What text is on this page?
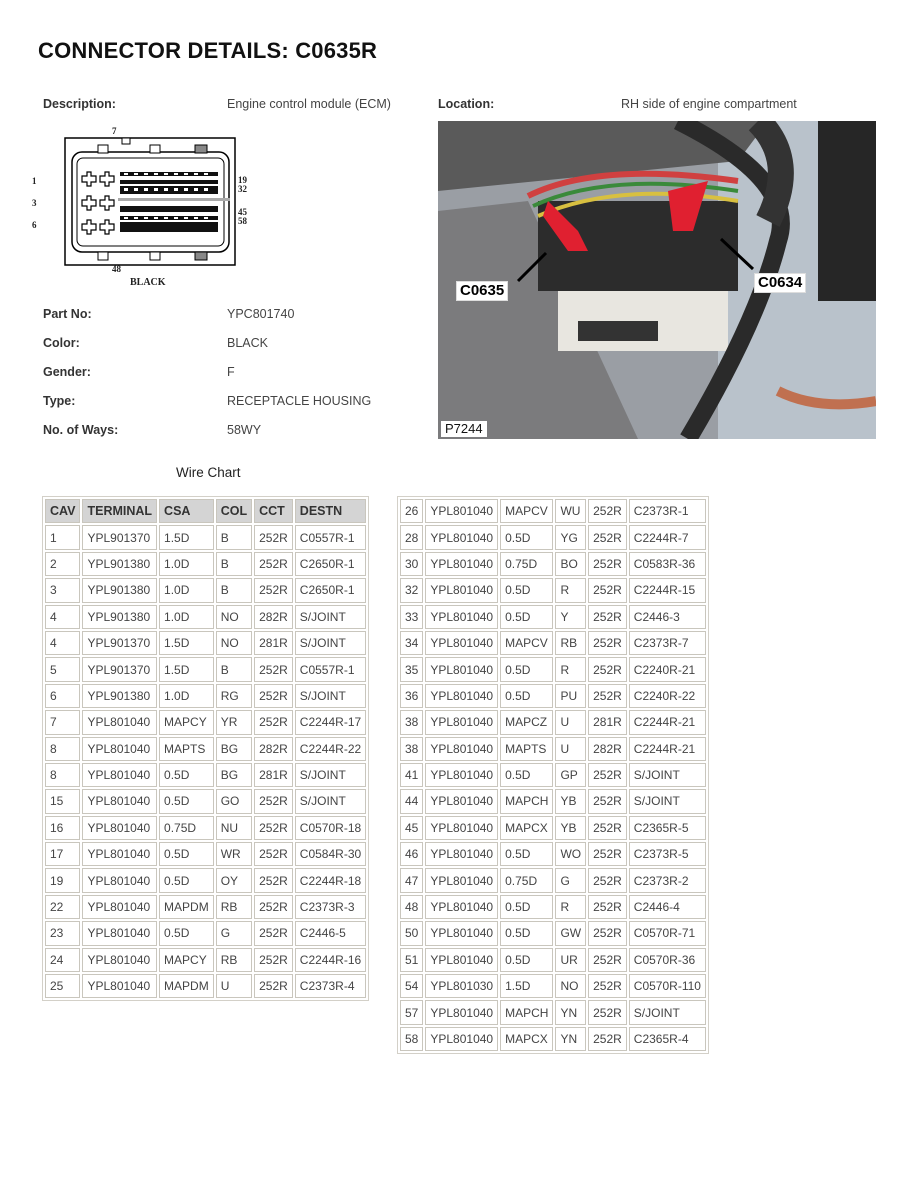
CONNECTOR DETAILS: C0635R
Description:	Engine control module (ECM)	Location:	RH side of engine compartment
1
3
6
19
32
45
58
7
48
BLACK	C0635	C0634
P7244
Part No:	YPC801740
Color:	BLACK
Gender:	F
Type:	RECEPTACLE HOUSING
No. of Ways:	58WY
Wire Chart
CAV	TERMINAL	CSA	COL	CCT	DESTN
1	YPL901370	1.5D	B	252R	C0557R-1
2	YPL901380	1.0D	B	252R	C2650R-1
3	YPL901380	1.0D	B	252R	C2650R-1
4	YPL901380	1.0D	NO	282R	S/JOINT
4	YPL901370	1.5D	NO	281R	S/JOINT
5	YPL901370	1.5D	B	252R	C0557R-1
6	YPL901380	1.0D	RG	252R	S/JOINT
7	YPL801040	MAPCY	YR	252R	C2244R-17
8	YPL801040	MAPTS	BG	282R	C2244R-22
8	YPL801040	0.5D	BG	281R	S/JOINT
15	YPL801040	0.5D	GO	252R	S/JOINT
16	YPL801040	0.75D	NU	252R	C0570R-18
17	YPL801040	0.5D	WR	252R	C0584R-30
19	YPL801040	0.5D	OY	252R	C2244R-18
22	YPL801040	MAPDM	RB	252R	C2373R-3
23	YPL801040	0.5D	G	252R	C2446-5
24	YPL801040	MAPCY	RB	252R	C2244R-16
25	YPL801040	MAPDM	U	252R	C2373R-4
26	YPL801040	MAPCV	WU	252R	C2373R-1
28	YPL801040	0.5D	YG	252R	C2244R-7
30	YPL801040	0.75D	BO	252R	C0583R-36
32	YPL801040	0.5D	R	252R	C2244R-15
33	YPL801040	0.5D	Y	252R	C2446-3
34	YPL801040	MAPCV	RB	252R	C2373R-7
35	YPL801040	0.5D	R	252R	C2240R-21
36	YPL801040	0.5D	PU	252R	C2240R-22
38	YPL801040	MAPCZ	U	281R	C2244R-21
38	YPL801040	MAPTS	U	282R	C2244R-21
41	YPL801040	0.5D	GP	252R	S/JOINT
44	YPL801040	MAPCH	YB	252R	S/JOINT
45	YPL801040	MAPCX	YB	252R	C2365R-5
46	YPL801040	0.5D	WO	252R	C2373R-5
47	YPL801040	0.75D	G	252R	C2373R-2
48	YPL801040	0.5D	R	252R	C2446-4
50	YPL801040	0.5D	GW	252R	C0570R-71
51	YPL801040	0.5D	UR	252R	C0570R-36
54	YPL801030	1.5D	NO	252R	C0570R-110
57	YPL801040	MAPCH	YN	252R	S/JOINT
58	YPL801040	MAPCX	YN	252R	C2365R-4
